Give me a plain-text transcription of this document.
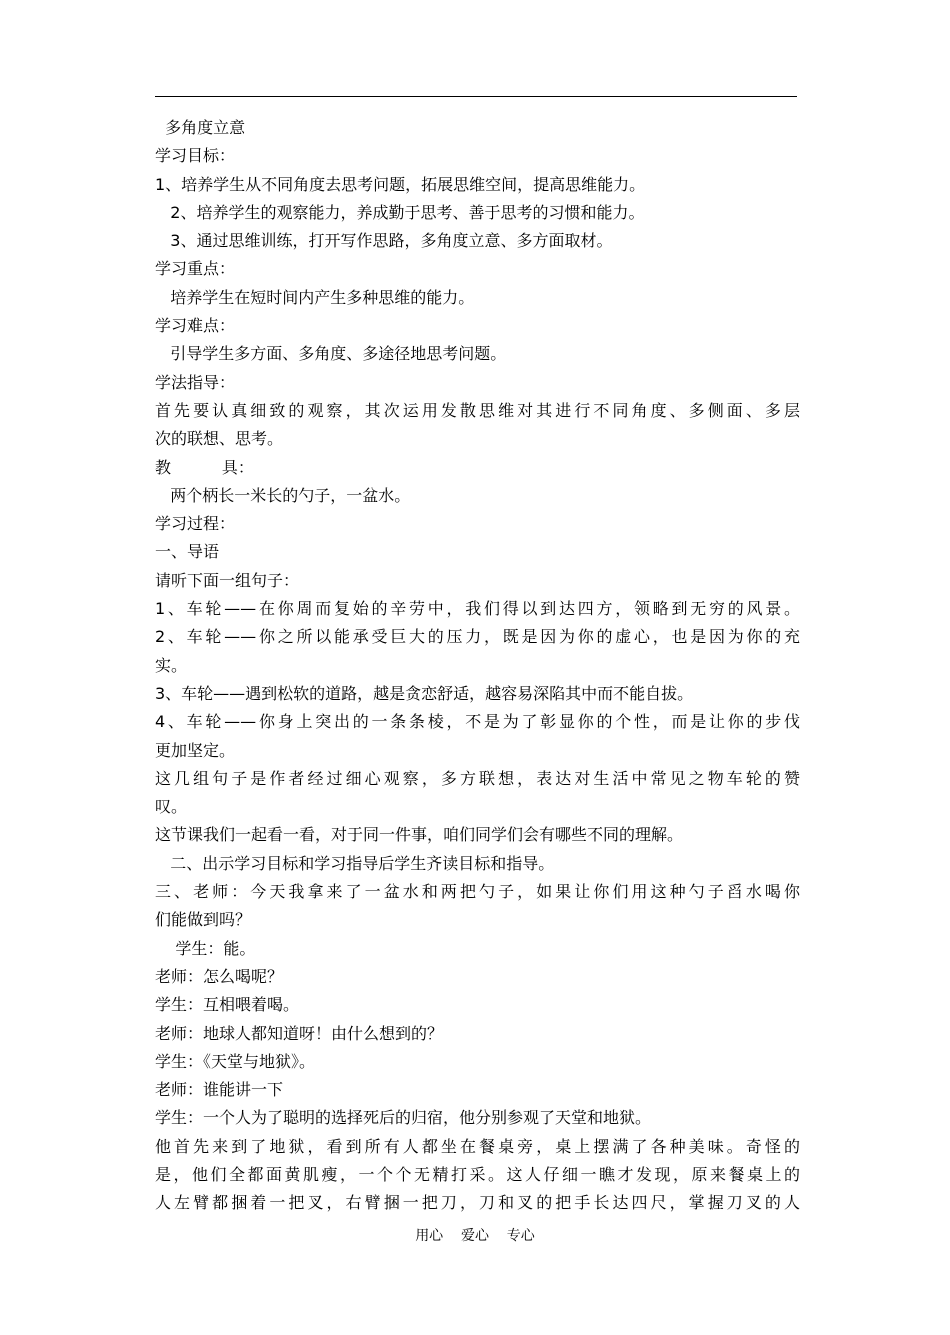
多角度立意
学习目标：
1、培养学生从不同角度去思考问题，拓展思维空间，提高思维能力。
2、培养学生的观察能力，养成勤于思考、善于思考的习惯和能力。
3、通过思维训练，打开写作思路，多角度立意、多方面取材。
学习重点：
培养学生在短时间内产生多种思维的能力。
学习难点：
引导学生多方面、多角度、多途径地思考问题。
学法指导：
首先要认真细致的观察，其次运用发散思维对其进行不同角度、多侧面、多层
次的联想、思考。
教          具：
两个柄长一米长的勺子，一盆水。
学习过程：
一、导语
请听下面一组句子：
1、车轮——在你周而复始的辛劳中，我们得以到达四方，领略到无穷的风景。
2、车轮——你之所以能承受巨大的压力，既是因为你的虚心，也是因为你的充
实。
3、车轮——遇到松软的道路，越是贪恋舒适，越容易深陷其中而不能自拔。
4、车轮——你身上突出的一条条棱，不是为了彰显你的个性，而是让你的步伐
更加坚定。
这几组句子是作者经过细心观察，多方联想，表达对生活中常见之物车轮的赞
叹。
这节课我们一起看一看，对于同一件事，咱们同学们会有哪些不同的理解。
二、出示学习目标和学习指导后学生齐读目标和指导。
三、老师：今天我拿来了一盆水和两把勺子，如果让你们用这种勺子舀水喝你
们能做到吗？
学生：能。
老师：怎么喝呢？
学生：互相喂着喝。
老师：地球人都知道呀！由什么想到的？
学生：《天堂与地狱》。
老师：谁能讲一下
学生：一个人为了聪明的选择死后的归宿，他分别参观了天堂和地狱。
他首先来到了地狱，看到所有人都坐在餐桌旁，桌上摆满了各种美味。奇怪的
是，他们全都面黄肌瘦，一个个无精打采。这人仔细一瞧才发现，原来餐桌上的
人左臂都捆着一把叉，右臂捆一把刀，刀和叉的把手长达四尺，掌握刀叉的人
用心    爱心    专心
